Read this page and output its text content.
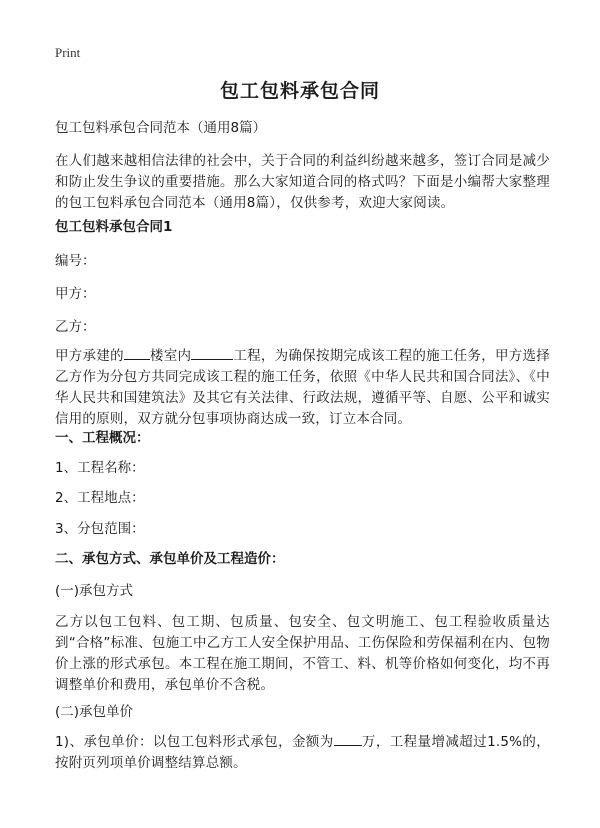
Print
包工包料承包合同
包工包料承包合同范本（通用8篇）
在人们越来越相信法律的社会中，关于合同的利益纠纷越来越多，签订合同是减少和防止发生争议的重要措施。那么大家知道合同的格式吗？下面是小编帮大家整理的包工包料承包合同范本（通用8篇），仅供参考，欢迎大家阅读。
包工包料承包合同1
编号：
甲方：
乙方：
甲方承建的 楼室内	工程，为确保按期完成该工程的施工任务，甲方选择乙方作为分包方共同完成该工程的施工任务，依照《中华人民共和国合同法》、《中华人民共和国建筑法》及其它有关法律、行政法规，遵循平等、自愿、公平和诚实信用的原则，双方就分包事项协商达成一致，订立本合同。
一、工程概况：
1、工程名称：
2、工程地点：
3、分包范围：
二、承包方式、承包单价及工程造价：
(一)承包方式
乙方以包工包料、包工期、包质量、包安全、包文明施工、包工程验收质量达到“合格”标准、包施工中乙方工人安全保护用品、工伤保险和劳保福利在内、包物价上涨的形式承包。本工程在施工期间，不管工、料、机等价格如何变化，均不再调整单价和费用，承包单价不含税。
(二)承包单价
1)、承包单价：以包工包料形式承包，金额为 万，工程量增减超过1.5%的，按附页列项单价调整结算总额。
